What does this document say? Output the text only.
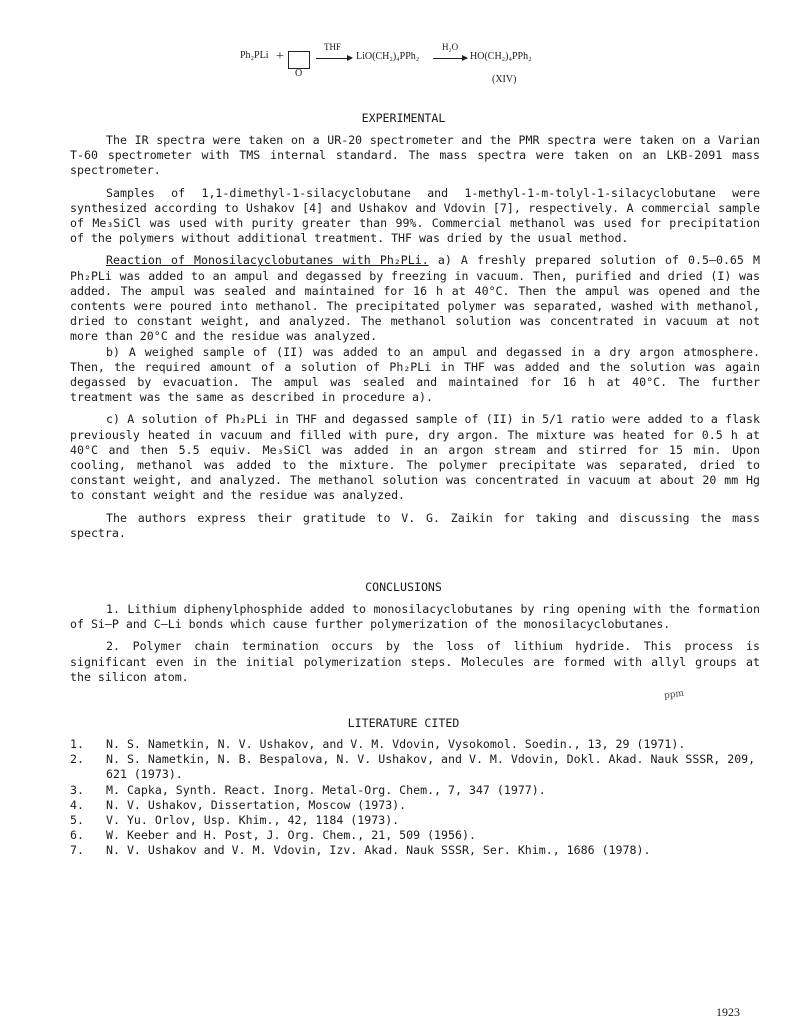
Ph₂PLi +
O
THF
→ LiO(CH₂)₄PPh₂
H₂O
→ HO(CH₂)₄PPh₂
(XIV)
EXPERIMENTAL

The IR spectra were taken on a UR-20 spectrometer and the PMR spectra were taken on a Varian T-60 spectrometer with TMS internal standard. The mass spectra were taken on an LKB-2091 mass spectrometer.

Samples of 1,1-dimethyl-1-silacyclobutane and 1-methyl-1-m-tolyl-1-silacyclobutane were synthesized according to Ushakov [4] and Ushakov and Vdovin [7], respectively. A commercial sample of Me₃SiCl was used with purity greater than 99%. Commercial methanol was used for precipitation of the polymers without additional treatment. THF was dried by the usual method.

Reaction of Monosilacyclobutanes with Ph₂PLi. a) A freshly prepared solution of 0.5–0.65 M Ph₂PLi was added to an ampul and degassed by freezing in vacuum. Then, purified and dried (I) was added. The ampul was sealed and maintained for 16 h at 40°C. Then the ampul was opened and the contents were poured into methanol. The precipitated polymer was separated, washed with methanol, dried to constant weight, and analyzed. The methanol solution was concentrated in vacuum at not more than 20°C and the residue was analyzed.

b) A weighed sample of (II) was added to an ampul and degassed in a dry argon atmosphere. Then, the required amount of a solution of Ph₂PLi in THF was added and the solution was again degassed by evacuation. The ampul was sealed and maintained for 16 h at 40°C. The further treatment was the same as described in procedure a).

c) A solution of Ph₂PLi in THF and degassed sample of (II) in 5/1 ratio were added to a flask previously heated in vacuum and filled with pure, dry argon. The mixture was heated for 0.5 h at 40°C and then 5.5 equiv. Me₃SiCl was added in an argon stream and stirred for 15 min. Upon cooling, methanol was added to the mixture. The polymer precipitate was separated, dried to constant weight, and analyzed. The methanol solution was concentrated in vacuum at about 20 mm Hg to constant weight and the residue was analyzed.

The authors express their gratitude to V. G. Zaikin for taking and discussing the mass spectra.

CONCLUSIONS

1. Lithium diphenylphosphide added to monosilacyclobutanes by ring opening with the formation of Si—P and C—Li bonds which cause further polymerization of the monosilacyclobutanes.

2. Polymer chain termination occurs by the loss of lithium hydride. This process is significant even in the initial polymerization steps. Molecules are formed with allyl groups at the silicon atom.

ppm
LITERATURE CITED
1. N. S. Nametkin, N. V. Ushakov, and V. M. Vdovin, Vysokomol. Soedin., 13, 29 (1971).
2. N. S. Nametkin, N. B. Bespalova, N. V. Ushakov, and V. M. Vdovin, Dokl. Akad. Nauk SSSR, 209, 621 (1973).
3. M. Capka, Synth. React. Inorg. Metal-Org. Chem., 7, 347 (1977).
4. N. V. Ushakov, Dissertation, Moscow (1973).
5. V. Yu. Orlov, Usp. Khim., 42, 1184 (1973).
6. W. Keeber and H. Post, J. Org. Chem., 21, 509 (1956).
7. N. V. Ushakov and V. M. Vdovin, Izv. Akad. Nauk SSSR, Ser. Khim., 1686 (1978).
1923
